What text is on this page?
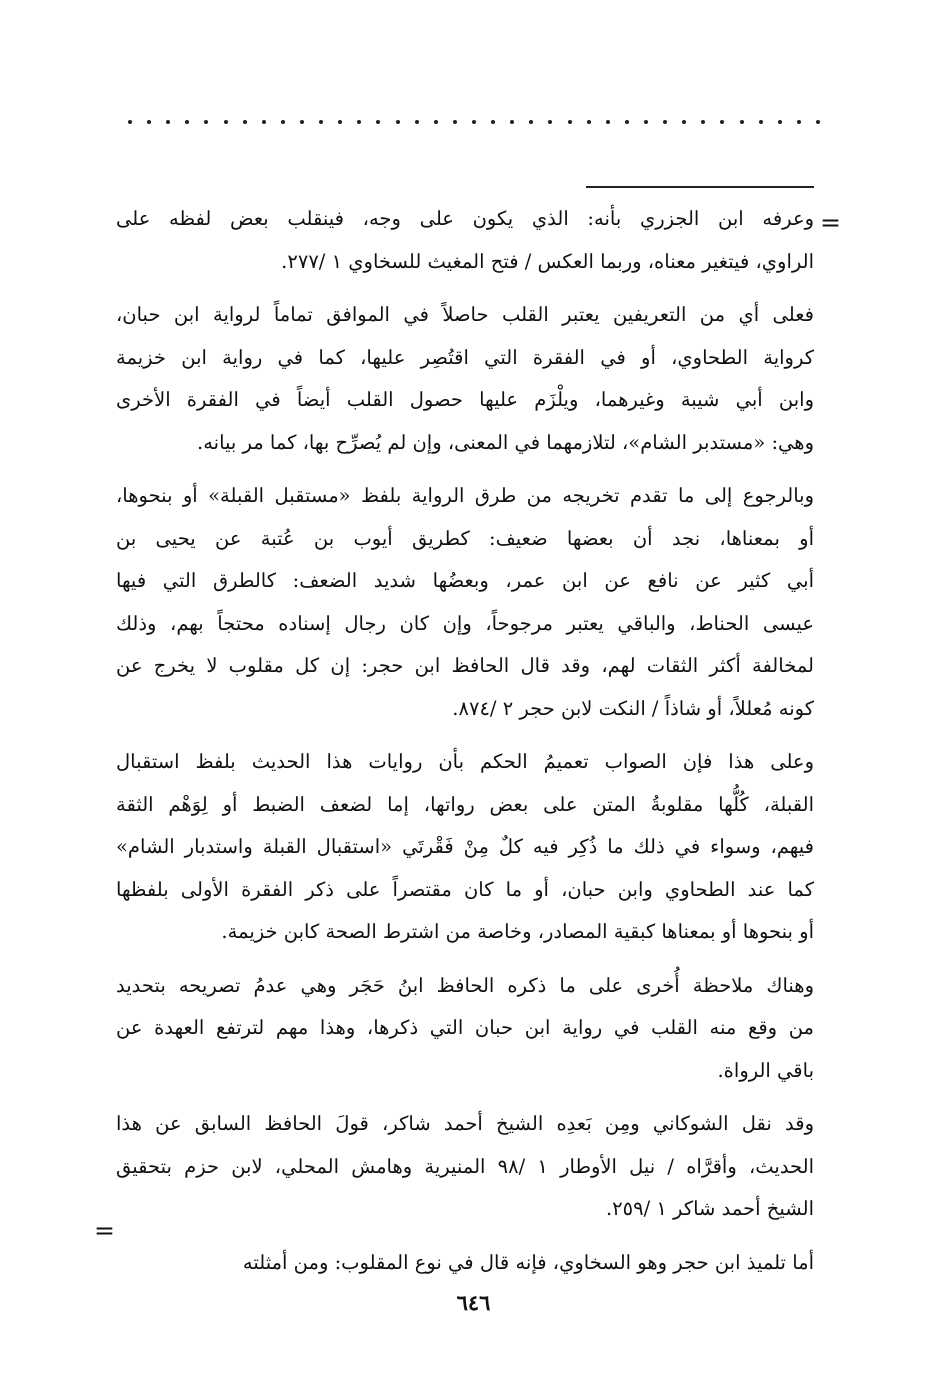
=
وعرفه ابن الجزري بأنه: الذي يكون على وجه، فينقلب بعض لفظه على
الراوي، فيتغير معناه، وربما العكس / فتح المغيث للسخاوي ١ /٢٧٧.
فعلى أي من التعريفين يعتبر القلب حاصلاً في الموافق تماماً لرواية ابن حبان،
كرواية الطحاوي، أو في الفقرة التي اقتُصِر عليها، كما في رواية ابن خزيمة
وابن أبي شيبة وغيرهما، ويلْزَم عليها حصول القلب أيضاً في الفقرة الأخرى
وهي: «مستدبر الشام»، لتلازمهما في المعنى، وإن لم يُصرِّح بها، كما مر بيانه.
وبالرجوع إلى ما تقدم تخريجه من طرق الرواية بلفظ «مستقبل القبلة» أو بنحوها،
أو بمعناها، نجد أن بعضها ضعيف: كطريق أيوب بن عُتبة عن يحيى بن
أبي كثير عن نافع عن ابن عمر، وبعضُها شديد الضعف: كالطرق التي فيها
عيسى الحناط، والباقي يعتبر مرجوحاً، وإن كان رجال إسناده محتجاً بهم، وذلك
لمخالفة أكثر الثقات لهم، وقد قال الحافظ ابن حجر: إن كل مقلوب لا يخرج عن
كونه مُعللاً، أو شاذاً / النكت لابن حجر ٢ /٨٧٤.
وعلى هذا فإن الصواب تعميمُ الحكم بأن روايات هذا الحديث بلفظ استقبال
القبلة، كُلُّها مقلوبةُ المتن على بعض رواتها، إما لضعف الضبط أو لِوَهْم الثقة
فيهم، وسواء في ذلك ما ذُكِر فيه كلٌ مِنْ فَقْرتَي «استقبال القبلة واستدبار الشام»
كما عند الطحاوي وابن حبان، أو ما كان مقتصراً على ذكر الفقرة الأولى بلفظها
أو بنحوها أو بمعناها كبقية المصادر، وخاصة من اشترط الصحة كابن خزيمة.
وهناك ملاحظة أُخرى على ما ذكره الحافظ ابنُ حَجَر وهي عدمُ تصريحه بتحديد
من وقع منه القلب في رواية ابن حبان التي ذكرها، وهذا مهم لترتفع العهدة عن
باقي الرواة.
وقد نقل الشوكاني ومِن بَعدِه الشيخ أحمد شاكر، قولَ الحافظ السابق عن هذا
الحديث، وأقرَّاه / نيل الأوطار ١ /٩٨ المنيرية وهامش المحلي، لابن حزم بتحقيق
الشيخ أحمد شاكر ١ /٢٥٩.
أما تلميذ ابن حجر وهو السخاوي، فإنه قال في نوع المقلوب: ومن أمثلته
=
٦٤٦
